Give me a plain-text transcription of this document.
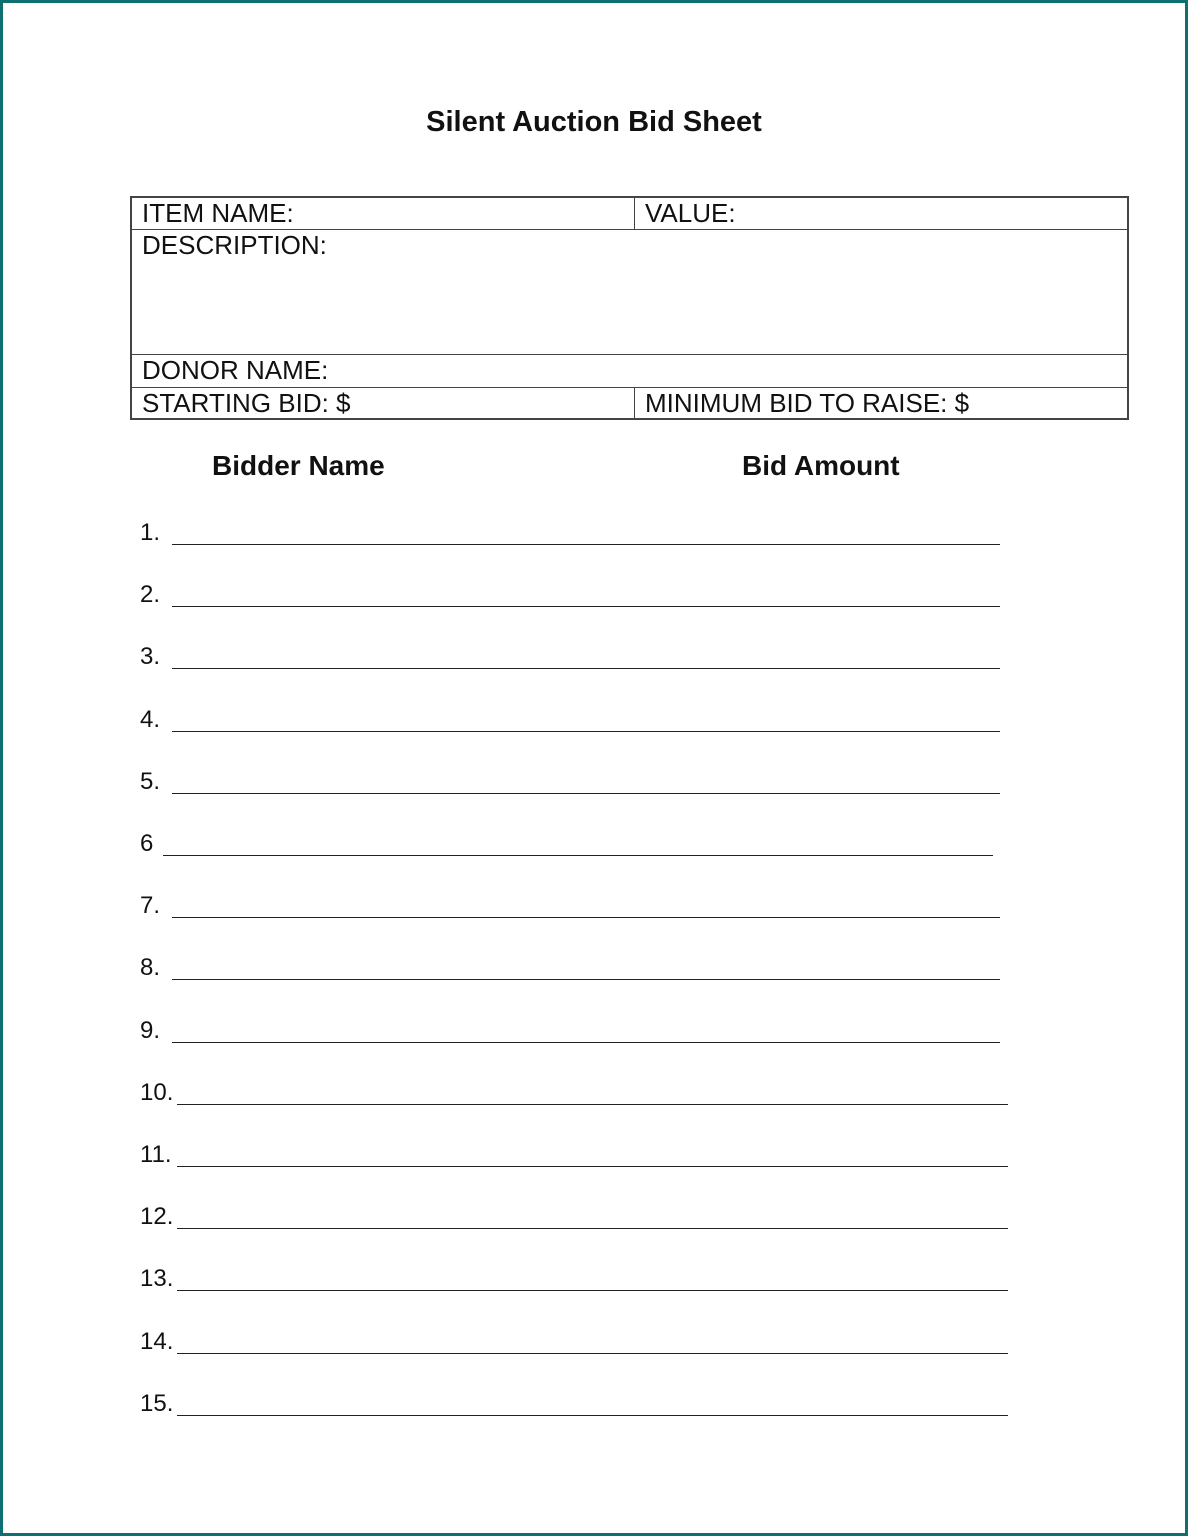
Silent Auction Bid Sheet
ITEM NAME:	VALUE:
DESCRIPTION:
DONOR NAME:
STARTING BID: $	MINIMUM BID TO RAISE: $
Bidder Name	Bid Amount
1.
2.
3.
4.
5.
6
7.
8.
9.
10.
11.
12.
13.
14.
15.
